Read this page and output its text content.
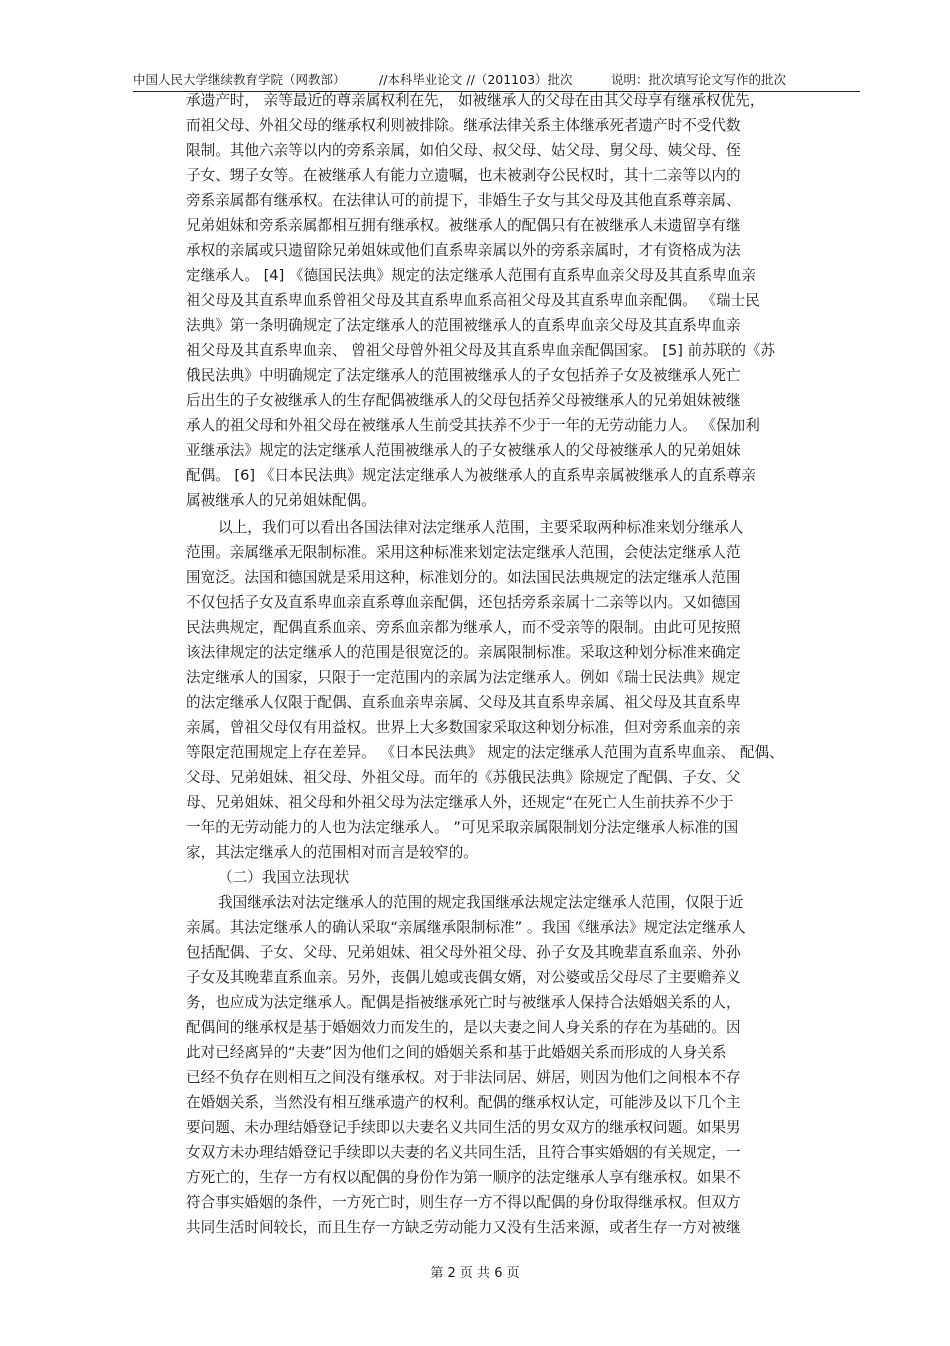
中国人民大学继续教育学院（网教部）	//本科毕业论文 //（201103）批次	说明：批次填写论文写作的批次
承遗产时， 亲等最近的尊亲属权利在先， 如被继承人的父母在由其父母享有继承权优先，
而祖父母、外祖父母的继承权利则被排除。继承法律关系主体继承死者遗产时不受代数
限制。其他六亲等以内的旁系亲属，如伯父母、叔父母、姑父母、舅父母、姨父母、侄
子女、甥子女等。在被继承人有能力立遗嘱，也未被剥夺公民权时，其十二亲等以内的
旁系亲属都有继承权。在法律认可的前提下，非婚生子女与其父母及其他直系尊亲属、
兄弟姐妹和旁系亲属都相互拥有继承权。被继承人的配偶只有在被继承人未遗留享有继
承权的亲属或只遗留除兄弟姐妹或他们直系卑亲属以外的旁系亲属时，才有资格成为法
定继承人。 [4] 《德国民法典》规定的法定继承人范围有直系卑血亲父母及其直系卑血亲
祖父母及其直系卑血系曾祖父母及其直系卑血系高祖父母及其直系卑血亲配偶。 《瑞士民
法典》第一条明确规定了法定继承人的范围被继承人的直系卑血亲父母及其直系卑血亲
祖父母及其直系卑血亲、 曾祖父母曾外祖父母及其直系卑血亲配偶国家。 [5] 前苏联的《苏
俄民法典》中明确规定了法定继承人的范围被继承人的子女包括养子女及被继承人死亡
后出生的子女被继承人的生存配偶被继承人的父母包括养父母被继承人的兄弟姐妹被继
承人的祖父母和外祖父母在被继承人生前受其扶养不少于一年的无劳动能力人。 《保加利
亚继承法》规定的法定继承人范围被继承人的子女被继承人的父母被继承人的兄弟姐妹
配偶。 [6] 《日本民法典》规定法定继承人为被继承人的直系卑亲属被继承人的直系尊亲
属被继承人的兄弟姐妹配偶。
以上，我们可以看出各国法律对法定继承人范围，主要采取两种标准来划分继承人
范围。亲属继承无限制标准。采用这种标准来划定法定继承人范围，会使法定继承人范
围宽泛。法国和德国就是采用这种，标准划分的。如法国民法典规定的法定继承人范围
不仅包括子女及直系卑血亲直系尊血亲配偶，还包括旁系亲属十二亲等以内。又如德国
民法典规定，配偶直系血亲、旁系血亲都为继承人，而不受亲等的限制。由此可见按照
该法律规定的法定继承人的范围是很宽泛的。亲属限制标准。采取这种划分标准来确定
法定继承人的国家，只限于一定范围内的亲属为法定继承人。例如《瑞士民法典》规定
的法定继承人仅限于配偶、直系血亲卑亲属、父母及其直系卑亲属、祖父母及其直系卑
亲属，曾祖父母仅有用益权。世界上大多数国家采取这种划分标准，但对旁系血亲的亲
等限定范围规定上存在差异。 《日本民法典》 规定的法定继承人范围为直系卑血亲、 配偶、
父母、兄弟姐妹、祖父母、外祖父母。而年的《苏俄民法典》除规定了配偶、子女、父
母、兄弟姐妹、祖父母和外祖父母为法定继承人外，还规定“在死亡人生前扶养不少于
一年的无劳动能力的人也为法定继承人。 ”可见采取亲属限制划分法定继承人标准的国
家，其法定继承人的范围相对而言是较窄的。
（二）我国立法现状
我国继承法对法定继承人的范围的规定我国继承法规定法定继承人范围，仅限于近
亲属。其法定继承人的确认采取“亲属继承限制标准” 。我国《继承法》规定法定继承人
包括配偶、子女、父母、兄弟姐妹、祖父母外祖父母、孙子女及其晚辈直系血亲、外孙
子女及其晚辈直系血亲。另外，丧偶儿媳或丧偶女婿，对公婆或岳父母尽了主要赡养义
务，也应成为法定继承人。配偶是指被继承死亡时与被继承人保持合法婚姻关系的人，
配偶间的继承权是基于婚姻效力而发生的，是以夫妻之间人身关系的存在为基础的。因
此对已经离异的“夫妻”因为他们之间的婚姻关系和基于此婚姻关系而形成的人身关系
已经不负存在则相互之间没有继承权。对于非法同居、姘居，则因为他们之间根本不存
在婚姻关系，当然没有相互继承遗产的权利。配偶的继承权认定，可能涉及以下几个主
要问题、未办理结婚登记手续即以夫妻名义共同生活的男女双方的继承权问题。如果男
女双方未办理结婚登记手续即以夫妻的名义共同生活，且符合事实婚姻的有关规定，一
方死亡的，生存一方有权以配偶的身份作为第一顺序的法定继承人享有继承权。如果不
符合事实婚姻的条件，一方死亡时，则生存一方不得以配偶的身份取得继承权。但双方
共同生活时间较长，而且生存一方缺乏劳动能力又没有生活来源，或者生存一方对被继
第 2 页 共 6 页
